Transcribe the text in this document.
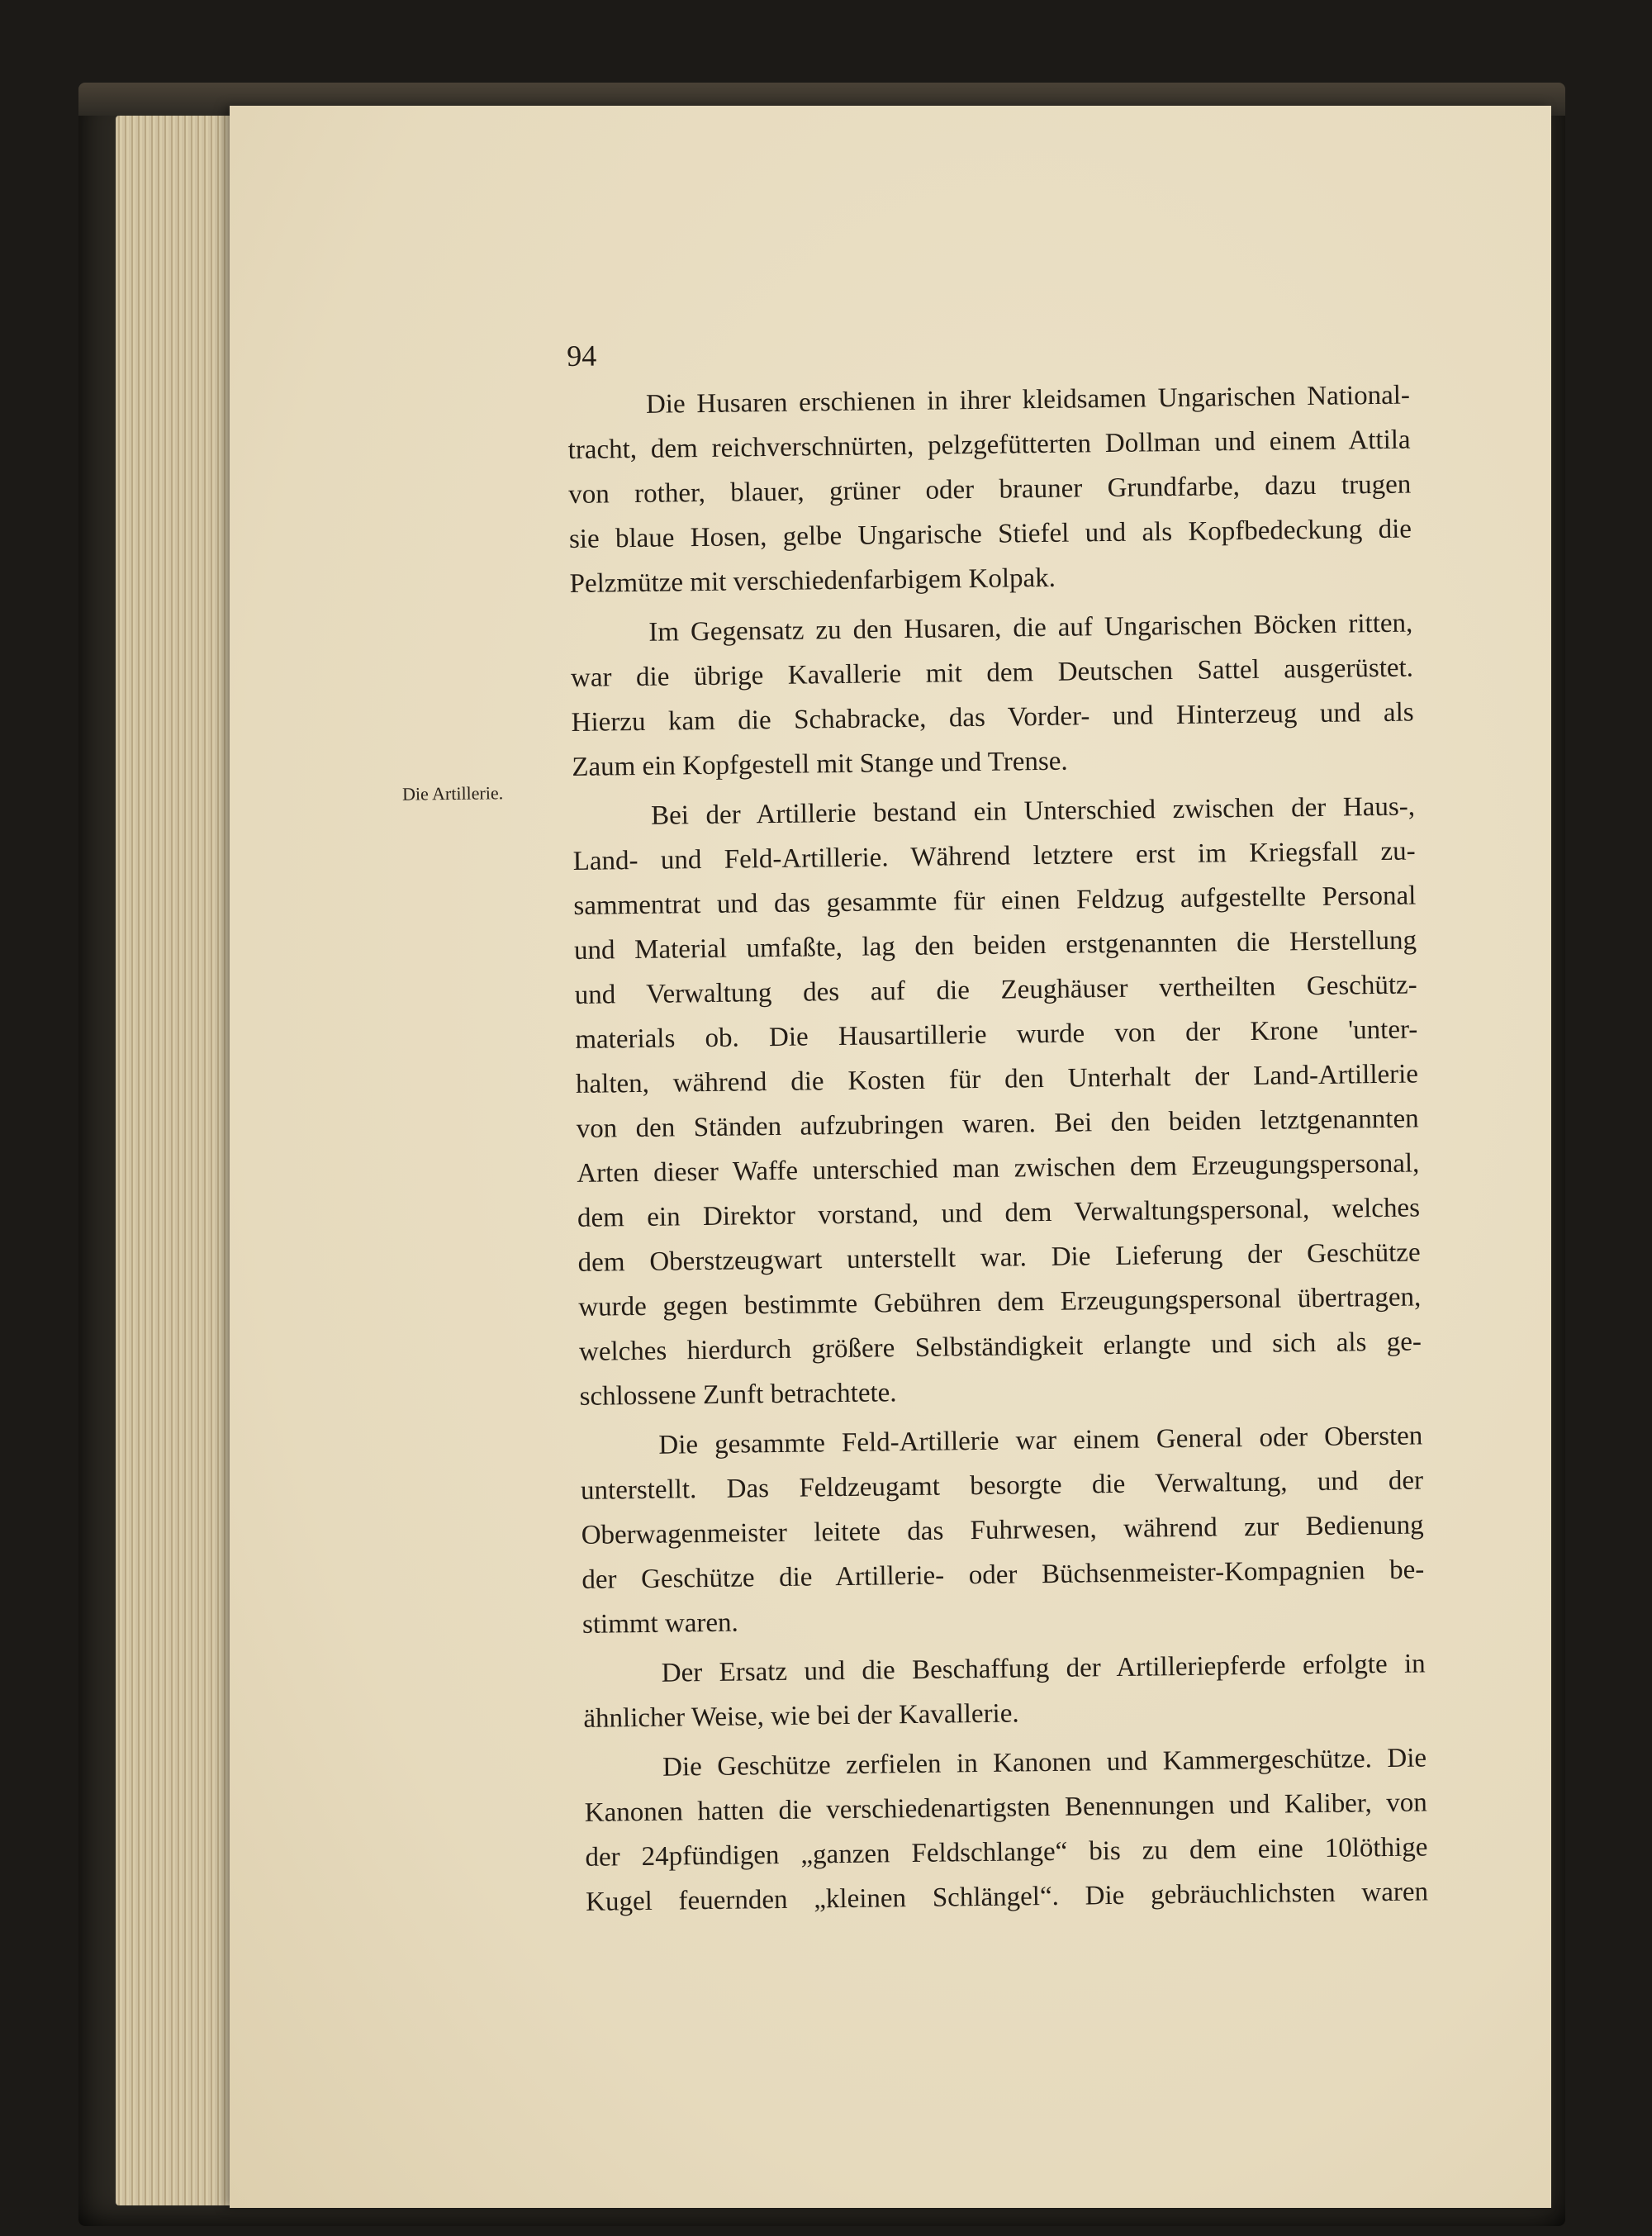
Die Artillerie.
94
Die Husaren erschienen in ihrer kleidsamen Ungarischen National-
tracht, dem reichverschnürten, pelzgefütterten Dollman und einem Attila
von rother, blauer, grüner oder brauner Grundfarbe, dazu trugen
sie blaue Hosen, gelbe Ungarische Stiefel und als Kopfbedeckung die
Pelzmütze mit verschiedenfarbigem Kolpak.
Im Gegensatz zu den Husaren, die auf Ungarischen Böcken ritten,
war die übrige Kavallerie mit dem Deutschen Sattel ausgerüstet.
Hierzu kam die Schabracke, das Vorder- und Hinterzeug und als
Zaum ein Kopfgestell mit Stange und Trense.
Bei der Artillerie bestand ein Unterschied zwischen der Haus-,
Land- und Feld-Artillerie. Während letztere erst im Kriegsfall zu-
sammentrat und das gesammte für einen Feldzug aufgestellte Personal
und Material umfaßte, lag den beiden erstgenannten die Herstellung
und Verwaltung des auf die Zeughäuser vertheilten Geschütz-
materials ob. Die Hausartillerie wurde von der Krone 'unter-
halten, während die Kosten für den Unterhalt der Land-Artillerie
von den Ständen aufzubringen waren. Bei den beiden letztgenannten
Arten dieser Waffe unterschied man zwischen dem Erzeugungspersonal,
dem ein Direktor vorstand, und dem Verwaltungspersonal, welches
dem Oberstzeugwart unterstellt war. Die Lieferung der Geschütze
wurde gegen bestimmte Gebühren dem Erzeugungspersonal übertragen,
welches hierdurch größere Selbständigkeit erlangte und sich als ge-
schlossene Zunft betrachtete.
Die gesammte Feld-Artillerie war einem General oder Obersten
unterstellt. Das Feldzeugamt besorgte die Verwaltung, und der
Oberwagenmeister leitete das Fuhrwesen, während zur Bedienung
der Geschütze die Artillerie- oder Büchsenmeister-Kompagnien be-
stimmt waren.
Der Ersatz und die Beschaffung der Artilleriepferde erfolgte in
ähnlicher Weise, wie bei der Kavallerie.
Die Geschütze zerfielen in Kanonen und Kammergeschütze. Die
Kanonen hatten die verschiedenartigsten Benennungen und Kaliber, von
der 24pfündigen „ganzen Feldschlange“ bis zu dem eine 10löthige
Kugel feuernden „kleinen Schlängel“. Die gebräuchlichsten waren
